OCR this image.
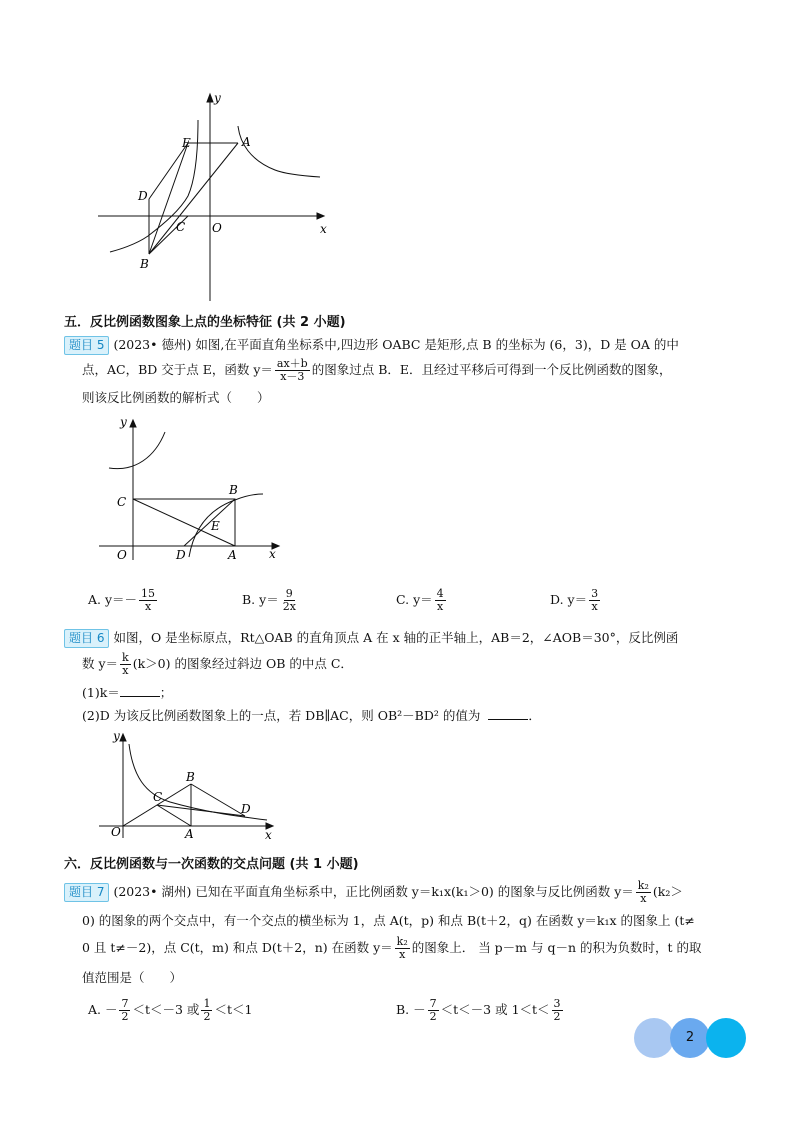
y
x
E	A
D
C O
B
五．反比例函数图象上点的坐标特征 (共 2 小题)
题目 5 (2023• 德州) 如图,在平面直角坐标系中,四边形 OABC 是矩形,点 B 的坐标为 (6，3)，D 是 OA 的中
点，AC，BD 交于点 E，函数 $y= \frac{ax+b}{x-3}$ 的图象过点 B．E．且经过平移后可得到一个反比例函数的图象，
则该反比例函数的解析式（　　）
y
x
C
B
E
O	D	A
A. $y=- \frac{15}{x}$	B. $y= \frac{9}{2x}$	C. $y= \frac{4}{x}$	D. $y= \frac{3}{x}$
题目 6 如图，O 是坐标原点，Rt△OAB 的直角顶点 A 在 x 轴的正半轴上，AB＝2，∠AOB＝30°，反比例函
数 $y= \frac{k}{x} (k>0)$ 的图象经过斜边 OB 的中点 C．
(1)k＝	；
(2)D 为该反比例函数图象上的一点，若 DB∥AC，则 OB²－BD² 的值为	．
y
x
B
C
D
O	A
六．反比例函数与一次函数的交点问题 (共 1 小题)
题目 7 (2023• 湖州) 已知在平面直角坐标系中，正比例函数 y＝k₁x(k₁＞0) 的图象与反比例函数 $y= \frac{\text{k₂}}{x} (k_2>$
0) 的图象的两个交点中，有一个交点的横坐标为 1，点 A(t，p) 和点 B(t＋2，q) 在函数 y＝k₁x 的图象上 (t≠
0 且 t≠－2)，点 C(t，m) 和点 D(t＋2，n) 在函数 $y= \frac{\text{k₂}}{x}$ 的图象上． 当 p－m 与 q－n 的积为负数时，t 的取
值范围是（　　）
A. － $\frac{7}{2} <t<-3$ 或 $\frac{1}{2} <t<1$	B. － $\frac{7}{2} <t<-3$ 或 $1<t< \frac{3}{2}$
2
